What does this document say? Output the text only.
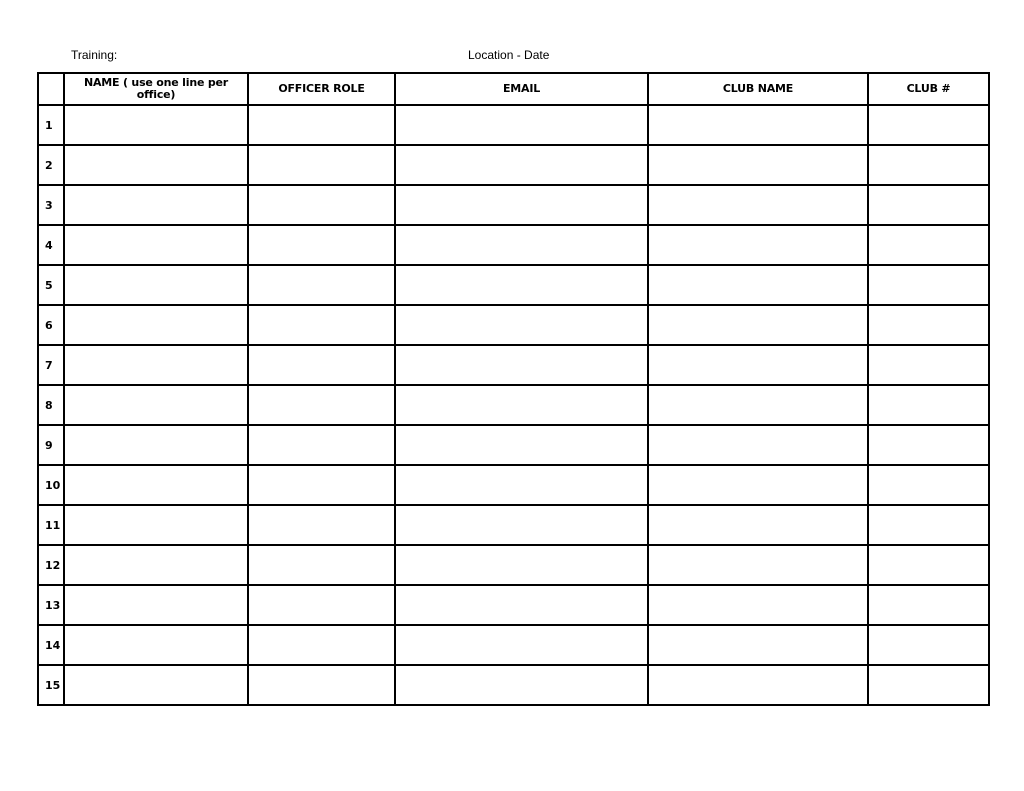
Training:	Location - Date
	NAME ( use one line per office)	OFFICER ROLE	EMAIL	CLUB NAME	CLUB #
1					
2					
3					
4					
5					
6					
7					
8					
9					
10					
11					
12					
13					
14					
15					
